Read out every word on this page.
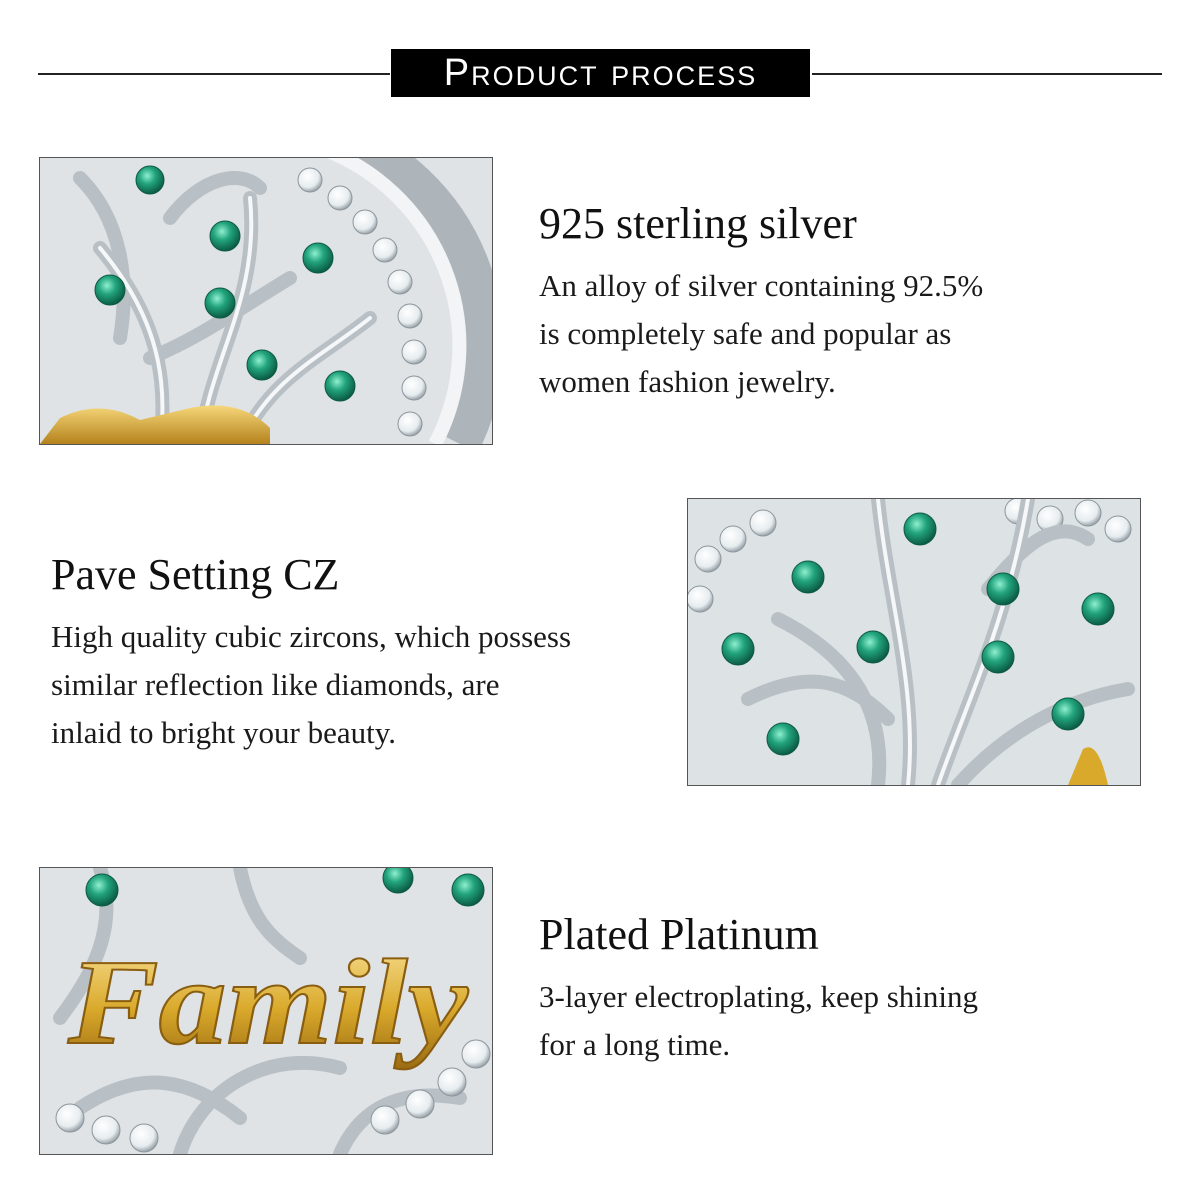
Product process
925 sterling silver

An alloy of silver containing 92.5%
is completely safe and popular as
women fashion jewelry.

Pave Setting CZ

High quality cubic zircons, which possess
similar reflection like diamonds, are
inlaid to bright your beauty.

Family
Plated Platinum

3-layer electroplating, keep shining
for a long time.
